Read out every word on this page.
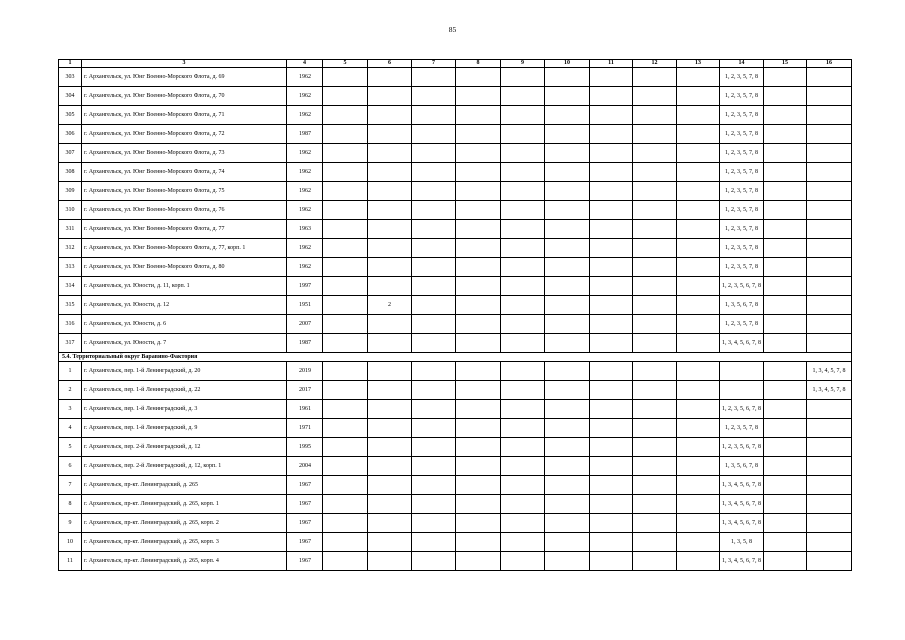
85
1	3	4	5	6	7	8	9	10	11	12	13	14	15	16
303	г. Архангельск, ул. Юнг Военно-Морского Флота, д. 69	1962										1, 2, 3, 5, 7, 8		
304	г. Архангельск, ул. Юнг Военно-Морского Флота, д. 70	1962										1, 2, 3, 5, 7, 8		
305	г. Архангельск, ул. Юнг Военно-Морского Флота, д. 71	1962										1, 2, 3, 5, 7, 8		
306	г. Архангельск, ул. Юнг Военно-Морского Флота, д. 72	1987										1, 2, 3, 5, 7, 8		
307	г. Архангельск, ул. Юнг Военно-Морского Флота, д. 73	1962										1, 2, 3, 5, 7, 8		
308	г. Архангельск, ул. Юнг Военно-Морского Флота, д. 74	1962										1, 2, 3, 5, 7, 8		
309	г. Архангельск, ул. Юнг Военно-Морского Флота, д. 75	1962										1, 2, 3, 5, 7, 8		
310	г. Архангельск, ул. Юнг Военно-Морского Флота, д. 76	1962										1, 2, 3, 5, 7, 8		
311	г. Архангельск, ул. Юнг Военно-Морского Флота, д. 77	1963										1, 2, 3, 5, 7, 8		
312	г. Архангельск, ул. Юнг Военно-Морского Флота, д. 77, корп. 1	1962										1, 2, 3, 5, 7, 8		
313	г. Архангельск, ул. Юнг Военно-Морского Флота, д. 80	1962										1, 2, 3, 5, 7, 8		
314	г. Архангельск, ул. Юности, д. 11, корп. 1	1997										1, 2, 3, 5, 6, 7, 8		
315	г. Архангельск, ул. Юности, д. 12	1951		2								1, 3, 5, 6, 7, 8		
316	г. Архангельск, ул. Юности, д. 6	2007										1, 2, 3, 5, 7, 8		
317	г. Архангельск, ул. Юности, д. 7	1987										1, 3, 4, 5, 6, 7, 8		
5.4. Территориальный округ Варавино-Фактория														
1	г. Архангельск, пер. 1-й Ленинградский, д. 20	2019												1, 3, 4, 5, 7, 8
2	г. Архангельск, пер. 1-й Ленинградский, д. 22	2017												1, 3, 4, 5, 7, 8
3	г. Архангельск, пер. 1-й Ленинградский, д. 3	1961										1, 2, 3, 5, 6, 7, 8		
4	г. Архангельск, пер. 1-й Ленинградский, д. 9	1971										1, 2, 3, 5, 7, 8		
5	г. Архангельск, пер. 2-й Ленинградский, д. 12	1995										1, 2, 3, 5, 6, 7, 8		
6	г. Архангельск, пер. 2-й Ленинградский, д. 12, корп. 1	2004										1, 3, 5, 6, 7, 8		
7	г. Архангельск, пр-кт. Ленинградский, д. 265	1967										1, 3, 4, 5, 6, 7, 8		
8	г. Архангельск, пр-кт. Ленинградский, д. 265, корп. 1	1967										1, 3, 4, 5, 6, 7, 8		
9	г. Архангельск, пр-кт. Ленинградский, д. 265, корп. 2	1967										1, 3, 4, 5, 6, 7, 8		
10	г. Архангельск, пр-кт. Ленинградский, д. 265, корп. 3	1967										1, 3, 5, 8		
11	г. Архангельск, пр-кт. Ленинградский, д. 265, корп. 4	1967										1, 3, 4, 5, 6, 7, 8		
